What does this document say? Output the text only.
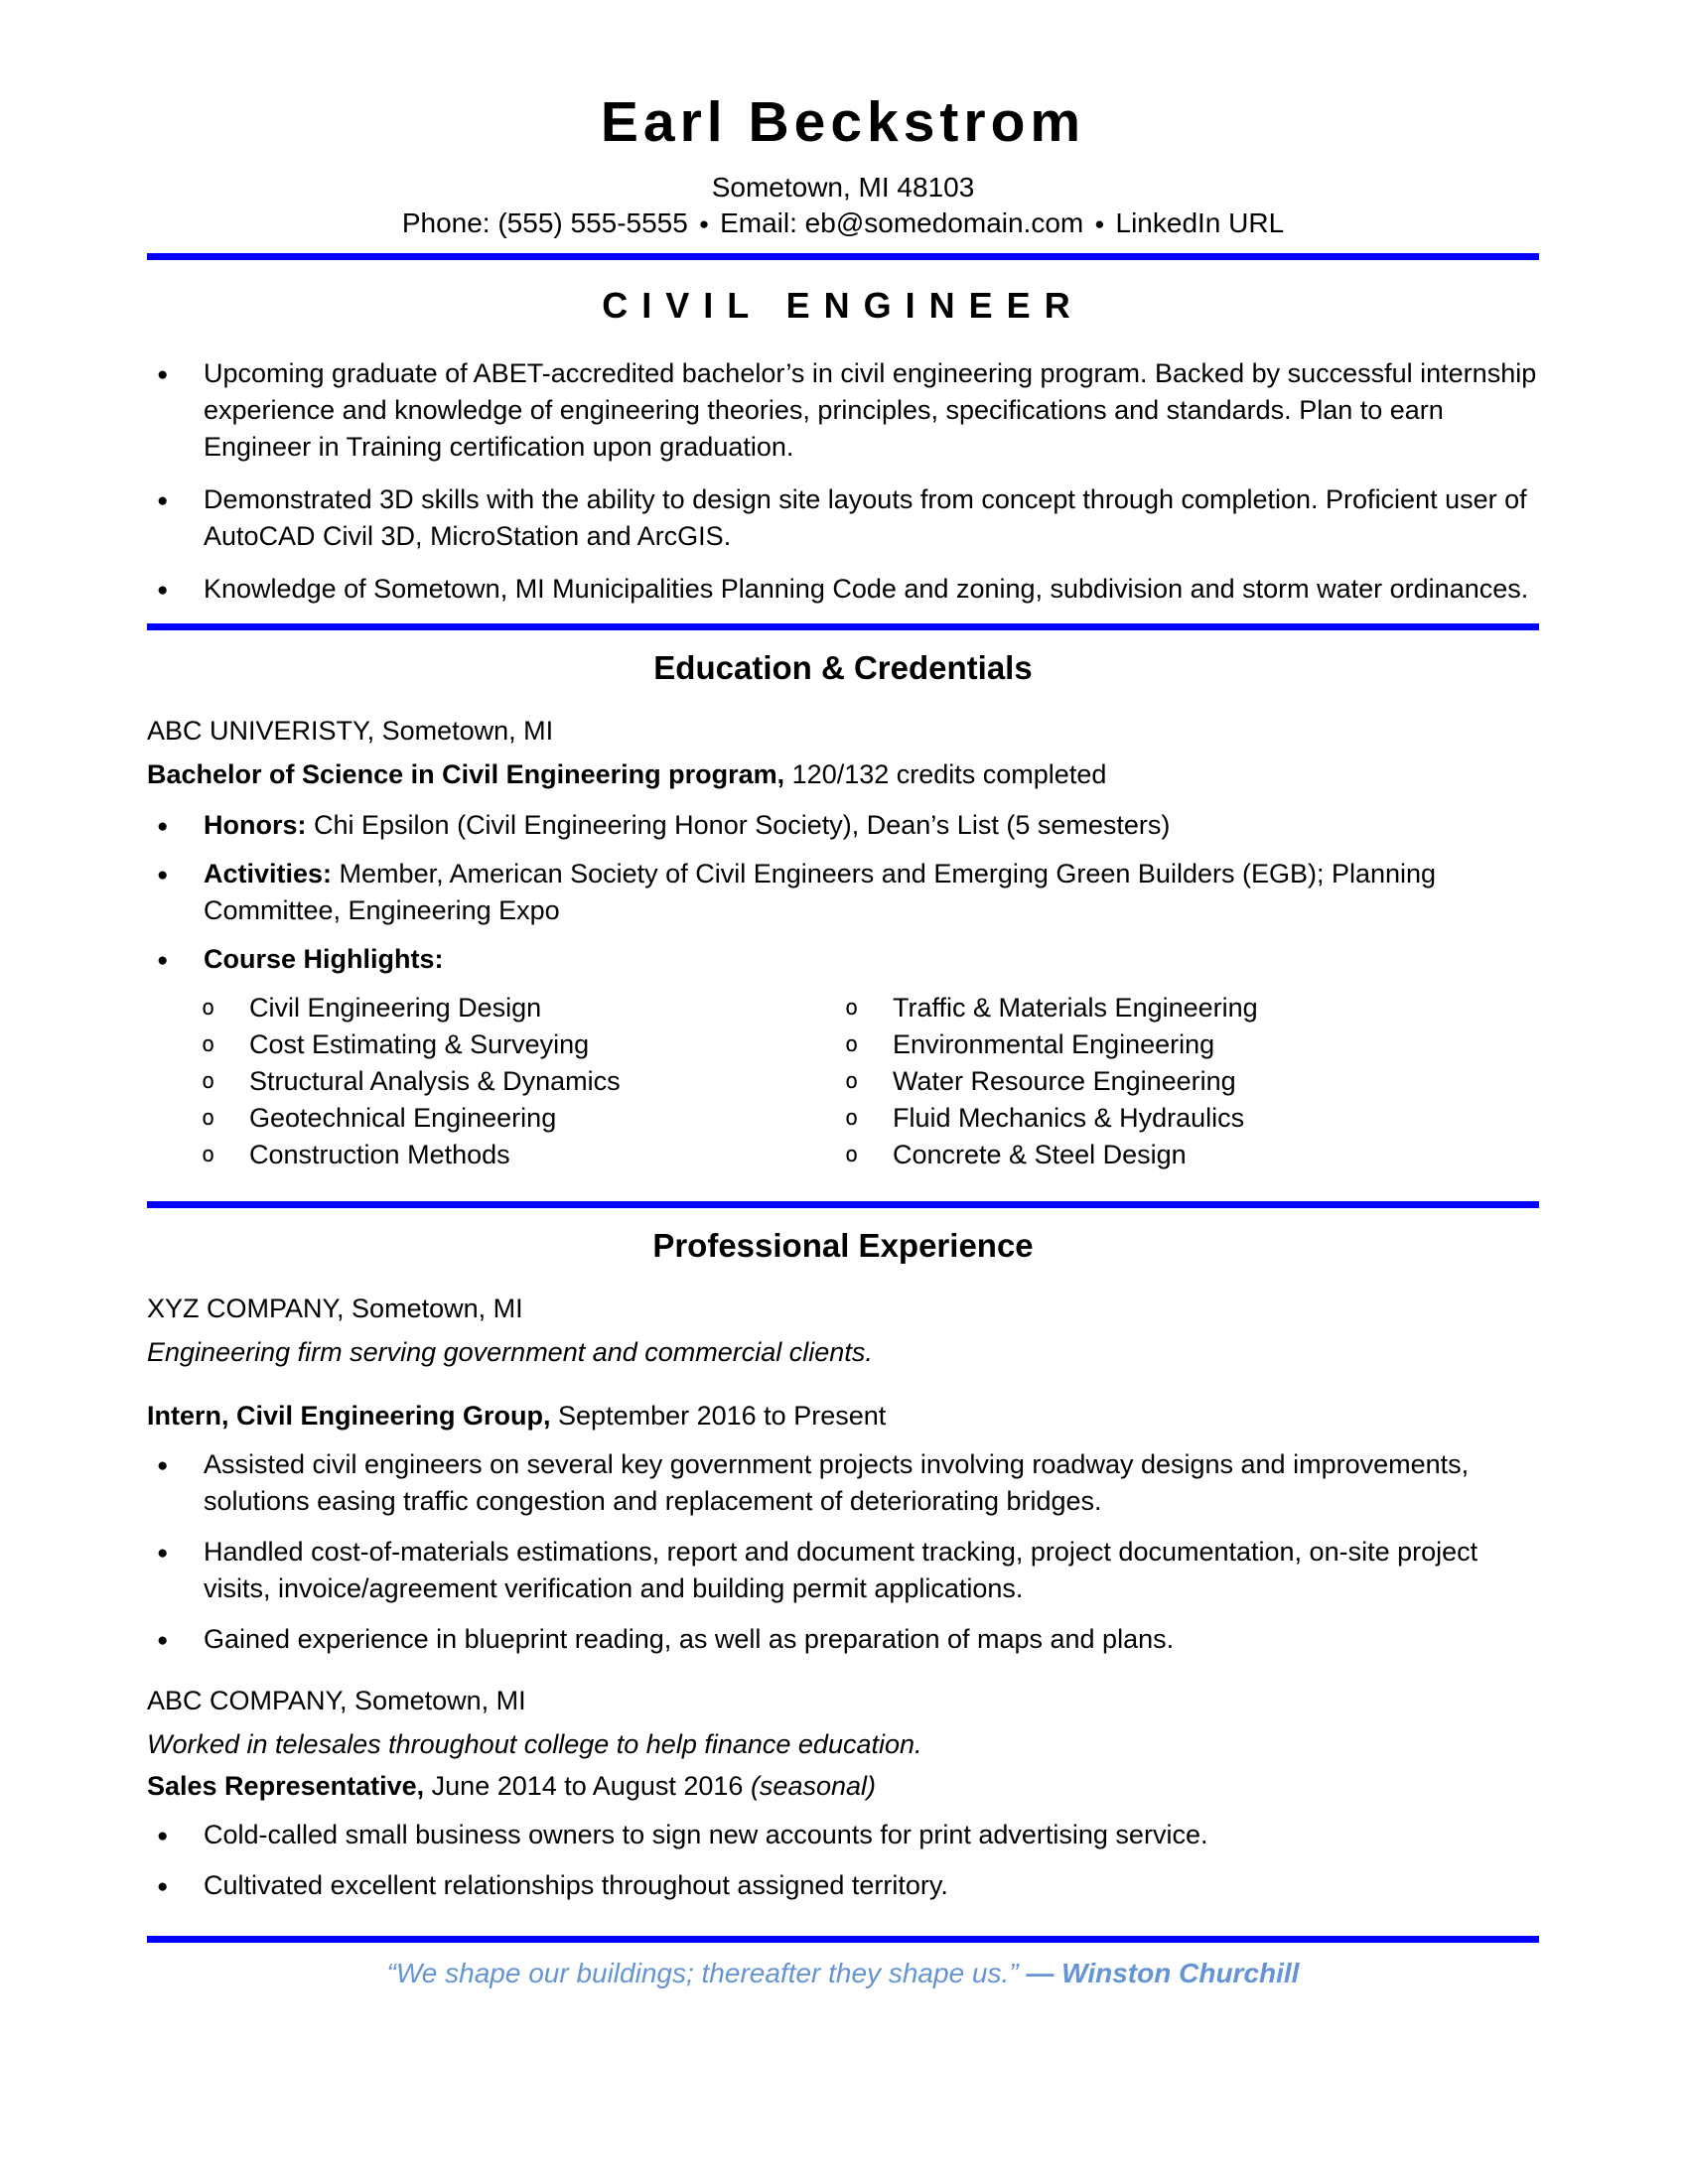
Earl Beckstrom

Sometown, MI 48103

Phone: (555) 555-5555 ● Email: eb@somedomain.com ● LinkedIn URL

CIVIL ENGINEER
● Upcoming graduate of ABET-accredited bachelor’s in civil engineering program. Backed by successful internship experience and knowledge of engineering theories, principles, specifications and standards. Plan to earn Engineer in Training certification upon graduation.
● Demonstrated 3D skills with the ability to design site layouts from concept through completion. Proficient user of AutoCAD Civil 3D, MicroStation and ArcGIS.
● Knowledge of Sometown, MI Municipalities Planning Code and zoning, subdivision and storm water ordinances.
Education & Credentials

ABC UNIVERISTY, Sometown, MI

Bachelor of Science in Civil Engineering program, 120/132 credits completed

● Honors: Chi Epsilon (Civil Engineering Honor Society), Dean’s List (5 semesters)
● Activities: Member, American Society of Civil Engineers and Emerging Green Builders (EGB); Planning Committee, Engineering Expo
● Course Highlights:
o Civil Engineering Design
o Cost Estimating & Surveying
o Structural Analysis & Dynamics
o Geotechnical Engineering
o Construction Methods
o Traffic & Materials Engineering
o Environmental Engineering
o Water Resource Engineering
o Fluid Mechanics & Hydraulics
o Concrete & Steel Design
Professional Experience

XYZ COMPANY, Sometown, MI

Engineering firm serving government and commercial clients.

Intern, Civil Engineering Group, September 2016 to Present

● Assisted civil engineers on several key government projects involving roadway designs and improvements, solutions easing traffic congestion and replacement of deteriorating bridges.
● Handled cost-of-materials estimations, report and document tracking, project documentation, on-site project visits, invoice/agreement verification and building permit applications.
● Gained experience in blueprint reading, as well as preparation of maps and plans.

ABC COMPANY, Sometown, MI

Worked in telesales throughout college to help finance education.

Sales Representative, June 2014 to August 2016 (seasonal)

● Cold-called small business owners to sign new accounts for print advertising service.
● Cultivated excellent relationships throughout assigned territory.

“We shape our buildings; thereafter they shape us.” — Winston Churchill
